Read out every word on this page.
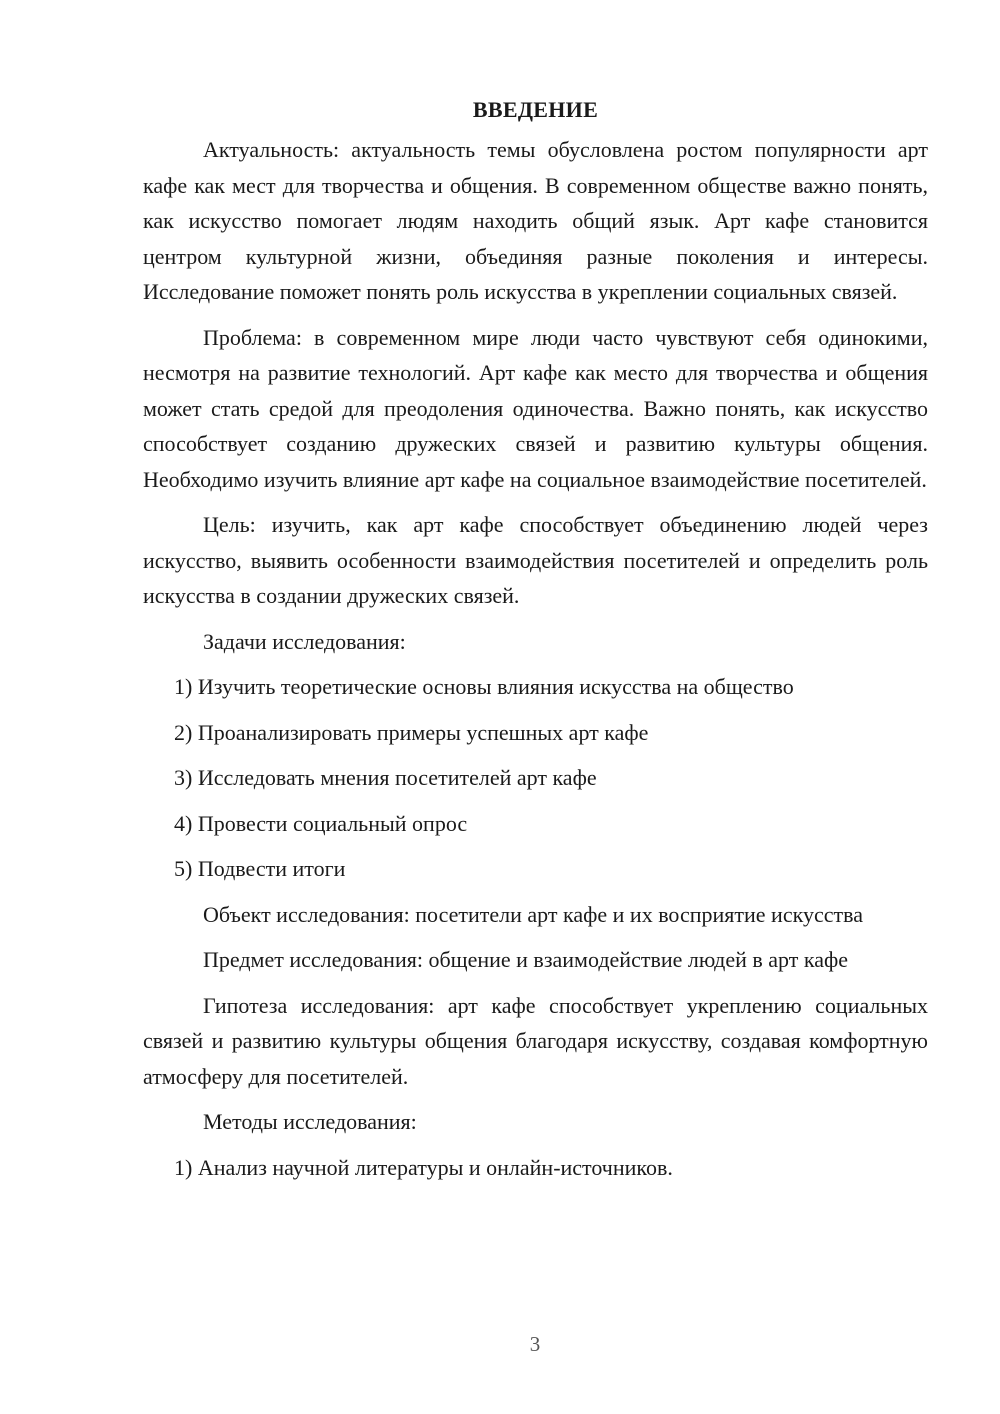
ВВЕДЕНИЕ

Актуальность: актуальность темы обусловлена ростом популярности арт кафе как мест для творчества и общения. В современном обществе важно понять, как искусство помогает людям находить общий язык. Арт кафе становится центром культурной жизни, объединяя разные поколения и интересы. Исследование поможет понять роль искусства в укреплении социальных связей.

Проблема: в современном мире люди часто чувствуют себя одинокими, несмотря на развитие технологий. Арт кафе как место для творчества и общения может стать средой для преодоления одиночества. Важно понять, как искусство способствует созданию дружеских связей и развитию культуры общения. Необходимо изучить влияние арт кафе на социальное взаимодействие посетителей.

Цель: изучить, как арт кафе способствует объединению людей через искусство, выявить особенности взаимодействия посетителей и определить роль искусства в создании дружеских связей.

Задачи исследования:
1) Изучить теоретические основы влияния искусства на общество
2) Проанализировать примеры успешных арт кафе
3) Исследовать мнения посетителей арт кафе
4) Провести социальный опрос
5) Подвести итоги

Объект исследования: посетители арт кафе и их восприятие искусства

Предмет исследования: общение и взаимодействие людей в арт кафе

Гипотеза исследования: арт кафе способствует укреплению социальных связей и развитию культуры общения благодаря искусству, создавая комфортную атмосферу для посетителей.

Методы исследования:
1) Анализ научной литературы и онлайн-источников.
3
